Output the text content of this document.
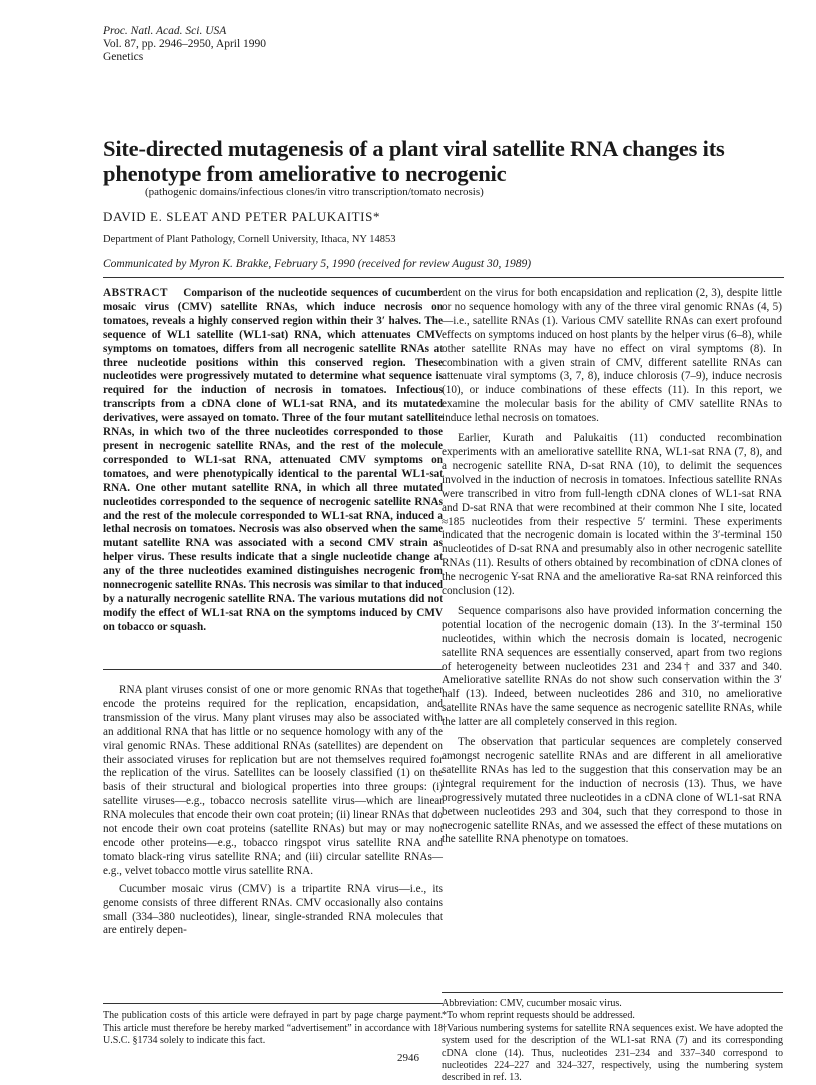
Proc. Natl. Acad. Sci. USA
Vol. 87, pp. 2946–2950, April 1990
Genetics
Site-directed mutagenesis of a plant viral satellite RNA changes its phenotype from ameliorative to necrogenic
(pathogenic domains/infectious clones/in vitro transcription/tomato necrosis)
DAVID E. SLEAT AND PETER PALUKAITIS*
Department of Plant Pathology, Cornell University, Ithaca, NY 14853
Communicated by Myron K. Brakke, February 5, 1990 (received for review August 30, 1989)
ABSTRACT Comparison of the nucleotide sequences of cucumber mosaic virus (CMV) satellite RNAs, which induce necrosis on tomatoes, reveals a highly conserved region within their 3′ halves. The sequence of WL1 satellite (WL1-sat) RNA, which attenuates CMV symptoms on tomatoes, differs from all necrogenic satellite RNAs at three nucleotide positions within this conserved region. These nucleotides were progressively mutated to determine what sequence is required for the induction of necrosis in tomatoes. Infectious transcripts from a cDNA clone of WL1-sat RNA, and its mutated derivatives, were assayed on tomato. Three of the four mutant satellite RNAs, in which two of the three nucleotides corresponded to those present in necrogenic satellite RNAs, and the rest of the molecule corresponded to WL1-sat RNA, attenuated CMV symptoms on tomatoes, and were phenotypically identical to the parental WL1-sat RNA. One other mutant satellite RNA, in which all three mutated nucleotides corresponded to the sequence of necrogenic satellite RNAs and the rest of the molecule corresponded to WL1-sat RNA, induced a lethal necrosis on tomatoes. Necrosis was also observed when the same mutant satellite RNA was associated with a second CMV strain as helper virus. These results indicate that a single nucleotide change at any of the three nucleotides examined distinguishes necrogenic from nonnecrogenic satellite RNAs. This necrosis was similar to that induced by a naturally necrogenic satellite RNA. The various mutations did not modify the effect of WL1-sat RNA on the symptoms induced by CMV on tobacco or squash.

RNA plant viruses consist of one or more genomic RNAs that together encode the proteins required for the replication, encapsidation, and transmission of the virus. Many plant viruses may also be associated with an additional RNA that has little or no sequence homology with any of the viral genomic RNAs. These additional RNAs (satellites) are dependent on their associated viruses for replication but are not themselves required for the replication of the virus. Satellites can be loosely classified (1) on the basis of their structural and biological properties into three groups: (i) satellite viruses—e.g., tobacco necrosis satellite virus—which are linear RNA molecules that encode their own coat protein; (ii) linear RNAs that do not encode their own coat proteins (satellite RNAs) but may or may not encode other proteins—e.g., tobacco ringspot virus satellite RNA and tomato black-ring virus satellite RNA; and (iii) circular satellite RNAs—e.g., velvet tobacco mottle virus satellite RNA.

Cucumber mosaic virus (CMV) is a tripartite RNA virus—i.e., its genome consists of three different RNAs. CMV occasionally also contains small (334–380 nucleotides), linear, single-stranded RNA molecules that are entirely depen-

dent on the virus for both encapsidation and replication (2, 3), despite little or no sequence homology with any of the three viral genomic RNAs (4, 5)—i.e., satellite RNAs (1). Various CMV satellite RNAs can exert profound effects on symptoms induced on host plants by the helper virus (6–8), while other satellite RNAs may have no effect on viral symptoms (8). In combination with a given strain of CMV, different satellite RNAs can attenuate viral symptoms (3, 7, 8), induce chlorosis (7–9), induce necrosis (10), or induce combinations of these effects (11). In this report, we examine the molecular basis for the ability of CMV satellite RNAs to induce lethal necrosis on tomatoes.

Earlier, Kurath and Palukaitis (11) conducted recombination experiments with an ameliorative satellite RNA, WL1-sat RNA (7, 8), and a necrogenic satellite RNA, D-sat RNA (10), to delimit the sequences involved in the induction of necrosis in tomatoes. Infectious satellite RNAs were transcribed in vitro from full-length cDNA clones of WL1-sat RNA and D-sat RNA that were recombined at their common Nhe I site, located ≈185 nucleotides from their respective 5′ termini. These experiments indicated that the necrogenic domain is located within the 3′-terminal 150 nucleotides of D-sat RNA and presumably also in other necrogenic satellite RNAs (11). Results of others obtained by recombination of cDNA clones of the necrogenic Y-sat RNA and the ameliorative Ra-sat RNA reinforced this conclusion (12).

Sequence comparisons also have provided information concerning the potential location of the necrogenic domain (13). In the 3′-terminal 150 nucleotides, within which the necrosis domain is located, necrogenic satellite RNA sequences are essentially conserved, apart from two regions of heterogeneity between nucleotides 231 and 234† and 337 and 340. Ameliorative satellite RNAs do not show such conservation within the 3′ half (13). Indeed, between nucleotides 286 and 310, no ameliorative satellite RNAs have the same sequence as necrogenic satellite RNAs, while the latter are all completely conserved in this region.

The observation that particular sequences are completely conserved amongst necrogenic satellite RNAs and are different in all ameliorative satellite RNAs has led to the suggestion that this conservation may be an integral requirement for the induction of necrosis (13). Thus, we have progressively mutated three nucleotides in a cDNA clone of WL1-sat RNA between nucleotides 293 and 304, such that they correspond to those in necrogenic satellite RNAs, and we assessed the effect of these mutations on the satellite RNA phenotype on tomatoes.

The publication costs of this article were defrayed in part by page charge payment. This article must therefore be hereby marked “advertisement” in accordance with 18 U.S.C. §1734 solely to indicate this fact.
Abbreviation: CMV, cucumber mosaic virus.
*To whom reprint requests should be addressed.
†Various numbering systems for satellite RNA sequences exist. We have adopted the system used for the description of the WL1-sat RNA (7) and its corresponding cDNA clone (14). Thus, nucleotides 231–234 and 337–340 correspond to nucleotides 224–227 and 324–327, respectively, using the numbering system described in ref. 13.
2946
